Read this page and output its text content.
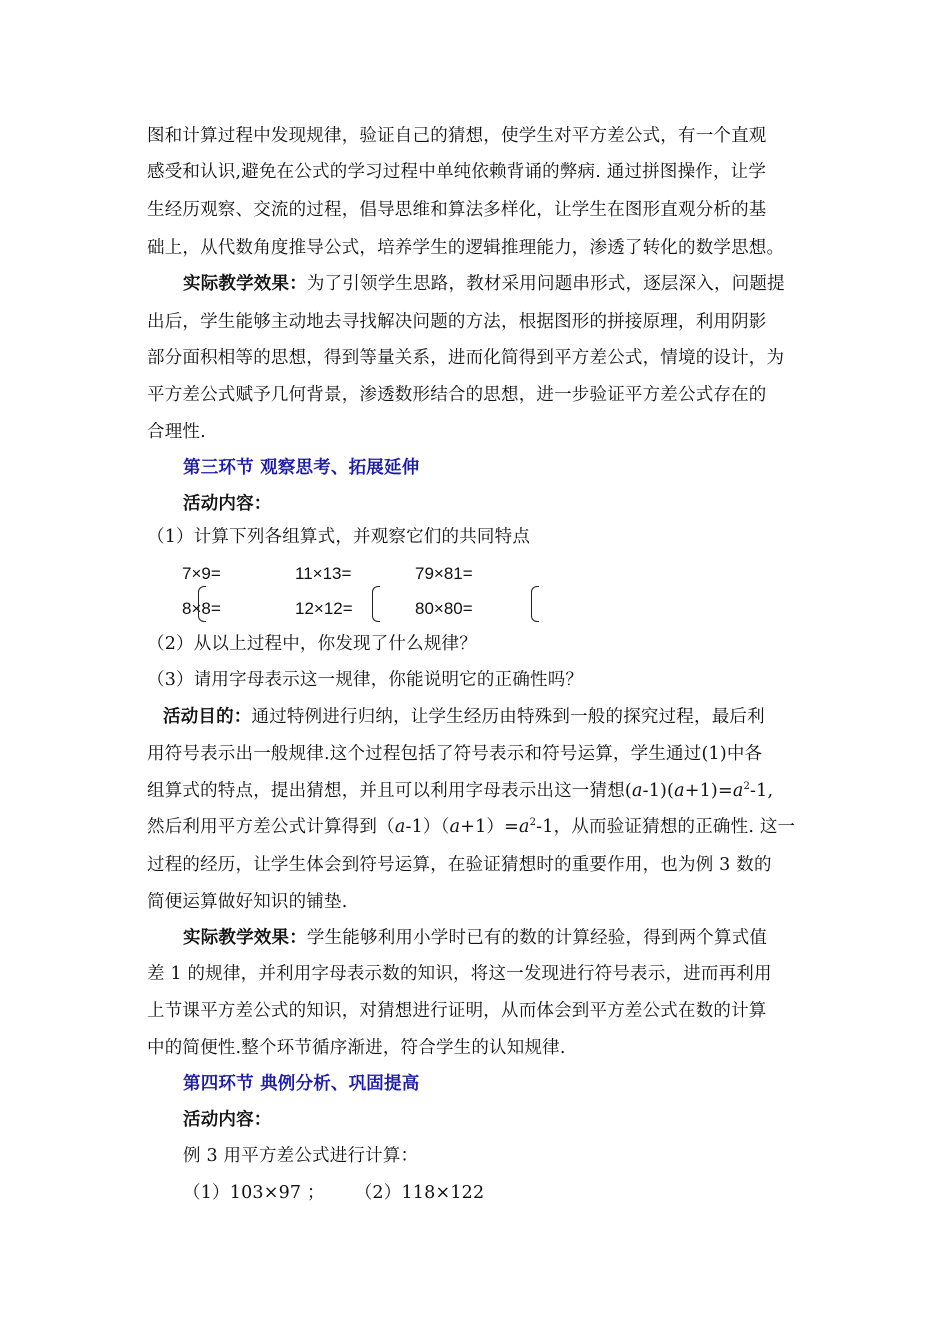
图和计算过程中发现规律，验证自己的猜想，使学生对平方差公式，有一个直观
感受和认识,避免在公式的学习过程中单纯依赖背诵的弊病. 通过拼图操作，让学
生经历观察、交流的过程，倡导思维和算法多样化，让学生在图形直观分析的基
础上，从代数角度推导公式，培养学生的逻辑推理能力，渗透了转化的数学思想。
实际教学效果：为了引领学生思路，教材采用问题串形式，逐层深入，问题提
出后，学生能够主动地去寻找解决问题的方法，根据图形的拼接原理，利用阴影
部分面积相等的思想，得到等量关系，进而化简得到平方差公式，情境的设计，为
平方差公式赋予几何背景，渗透数形结合的思想，进一步验证平方差公式存在的
合理性.
第三环节 观察思考、拓展延伸
活动内容：
（1）计算下列各组算式，并观察它们的共同特点
7×9=	11×13=	79×81=
8×8=	12×12=	80×80=
（2）从以上过程中，你发现了什么规律？
（3）请用字母表示这一规律，你能说明它的正确性吗？
活动目的：通过特例进行归纳，让学生经历由特殊到一般的探究过程，最后利
用符号表示出一般规律.这个过程包括了符号表示和符号运算，学生通过(1)中各
组算式的特点，提出猜想，并且可以利用字母表示出这一猜想$(a-1)(a+1)=a^2-1$,
然后利用平方差公式计算得到$(a-1)(a+1)=a^2-1$，从而验证猜想的正确性. 这一
过程的经历，让学生体会到符号运算，在验证猜想时的重要作用，也为例 3 数的
简便运算做好知识的铺垫.
实际教学效果：学生能够利用小学时已有的数的计算经验，得到两个算式值
差 1 的规律，并利用字母表示数的知识，将这一发现进行符号表示，进而再利用
上节课平方差公式的知识，对猜想进行证明，从而体会到平方差公式在数的计算
中的简便性.整个环节循序渐进，符合学生的认知规律.
第四环节 典例分析、巩固提高
活动内容：
例 3 用平方差公式进行计算：
（1）103×97 ； （2）118×122
